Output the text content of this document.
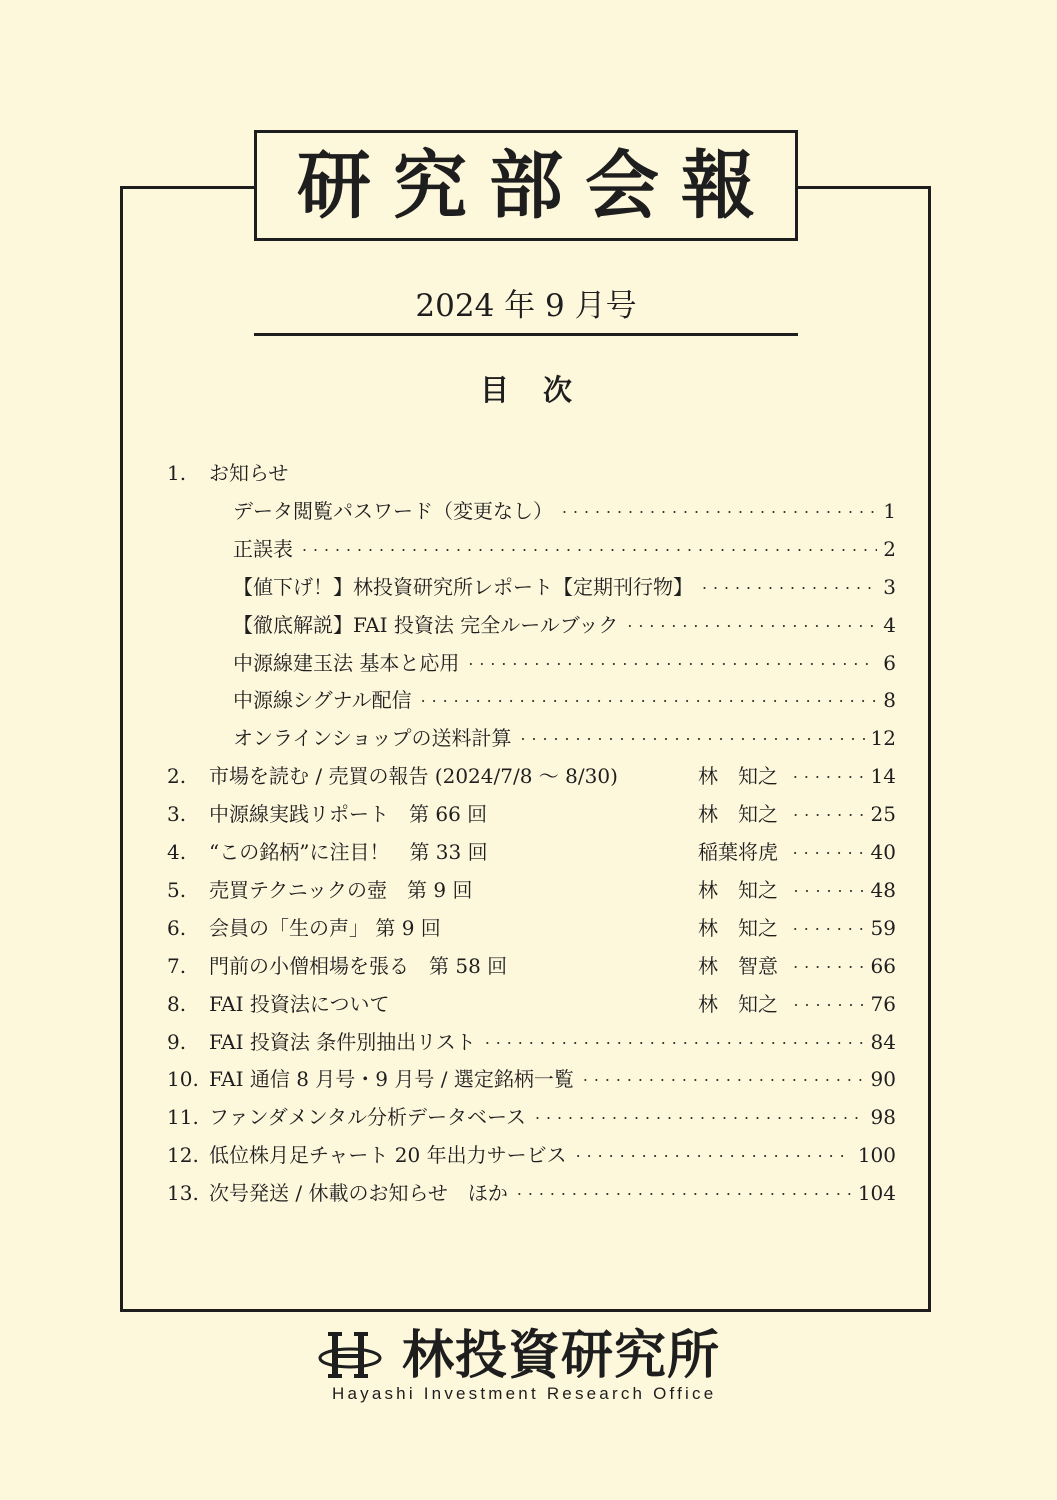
研究部会報
2024 年 9 月号
目 次
1.	お知らせ
データ閲覧パスワード（変更なし） ・・・・・・・・・・・・・・・・・・・・・・・・・・・・・・・・・・・・・・・・・・・・・・・・・・・・・・・・・・・・	1
正誤表 ・・・・・・・・・・・・・・・・・・・・・・・・・・・・・・・・・・・・・・・・・・・・・・・・・・・・・・・・・・・・	2
【値下げ！】林投資研究所レポート【定期刊行物】 ・・・・・・・・・・・・・・・・・・・・・・・・・・・・・・・・・・・・・・・・・・・・・・・・・・・・・・・・・・・・	3
【徹底解説】FAI 投資法 完全ルールブック ・・・・・・・・・・・・・・・・・・・・・・・・・・・・・・・・・・・・・・・・・・・・・・・・・・・・・・・・・・・・	4
中源線建玉法 基本と応用 ・・・・・・・・・・・・・・・・・・・・・・・・・・・・・・・・・・・・・・・・・・・・・・・・・・・・・・・・・・・・	6
中源線シグナル配信 ・・・・・・・・・・・・・・・・・・・・・・・・・・・・・・・・・・・・・・・・・・・・・・・・・・・・・・・・・・・・	8
オンラインショップの送料計算 ・・・・・・・・・・・・・・・・・・・・・・・・・・・・・・・・・・・・・・・・・・・・・・・・・・・・・・・・・・・・	12
2.	市場を読む / 売買の報告 (2024/7/8 ～ 8/30)	林　知之 ・・・・・・・・・・・・・・・・・・・・・・・・・・・・・・・・・・・・・・・・・・・・・・・・・・・・・・・・・・・・	14
3.	中源線実践リポート　第 66 回	林　知之 ・・・・・・・・・・・・・・・・・・・・・・・・・・・・・・・・・・・・・・・・・・・・・・・・・・・・・・・・・・・・	25
4.	“この銘柄”に注目！　第 33 回	稲葉将虎 ・・・・・・・・・・・・・・・・・・・・・・・・・・・・・・・・・・・・・・・・・・・・・・・・・・・・・・・・・・・・	40
5.	売買テクニックの壺　第 9 回	林　知之 ・・・・・・・・・・・・・・・・・・・・・・・・・・・・・・・・・・・・・・・・・・・・・・・・・・・・・・・・・・・・	48
6.	会員の「生の声」 第 9 回	林　知之 ・・・・・・・・・・・・・・・・・・・・・・・・・・・・・・・・・・・・・・・・・・・・・・・・・・・・・・・・・・・・	59
7.	門前の小僧相場を張る　第 58 回	林　智意 ・・・・・・・・・・・・・・・・・・・・・・・・・・・・・・・・・・・・・・・・・・・・・・・・・・・・・・・・・・・・	66
8.	FAI 投資法について	林　知之 ・・・・・・・・・・・・・・・・・・・・・・・・・・・・・・・・・・・・・・・・・・・・・・・・・・・・・・・・・・・・	76
9.	FAI 投資法 条件別抽出リスト ・・・・・・・・・・・・・・・・・・・・・・・・・・・・・・・・・・・・・・・・・・・・・・・・・・・・・・・・・・・・	84
10. FAI 通信 8 月号・9 月号 / 選定銘柄一覧 ・・・・・・・・・・・・・・・・・・・・・・・・・・・・・・・・・・・・・・・・・・・・・・・・・・・・・・・・・・・・	90
11. ファンダメンタル分析データベース ・・・・・・・・・・・・・・・・・・・・・・・・・・・・・・・・・・・・・・・・・・・・・・・・・・・・・・・・・・・・	98
12. 低位株月足チャート 20 年出力サービス ・・・・・・・・・・・・・・・・・・・・・・・・・・・・・・・・・・・・・・・・・・・・・・・・・・・・・・・・・・・・	100
13. 次号発送 / 休載のお知らせ　ほか ・・・・・・・・・・・・・・・・・・・・・・・・・・・・・・・・・・・・・・・・・・・・・・・・・・・・・・・・・・・・	104
林投資研究所
Hayashi Investment Research Office
